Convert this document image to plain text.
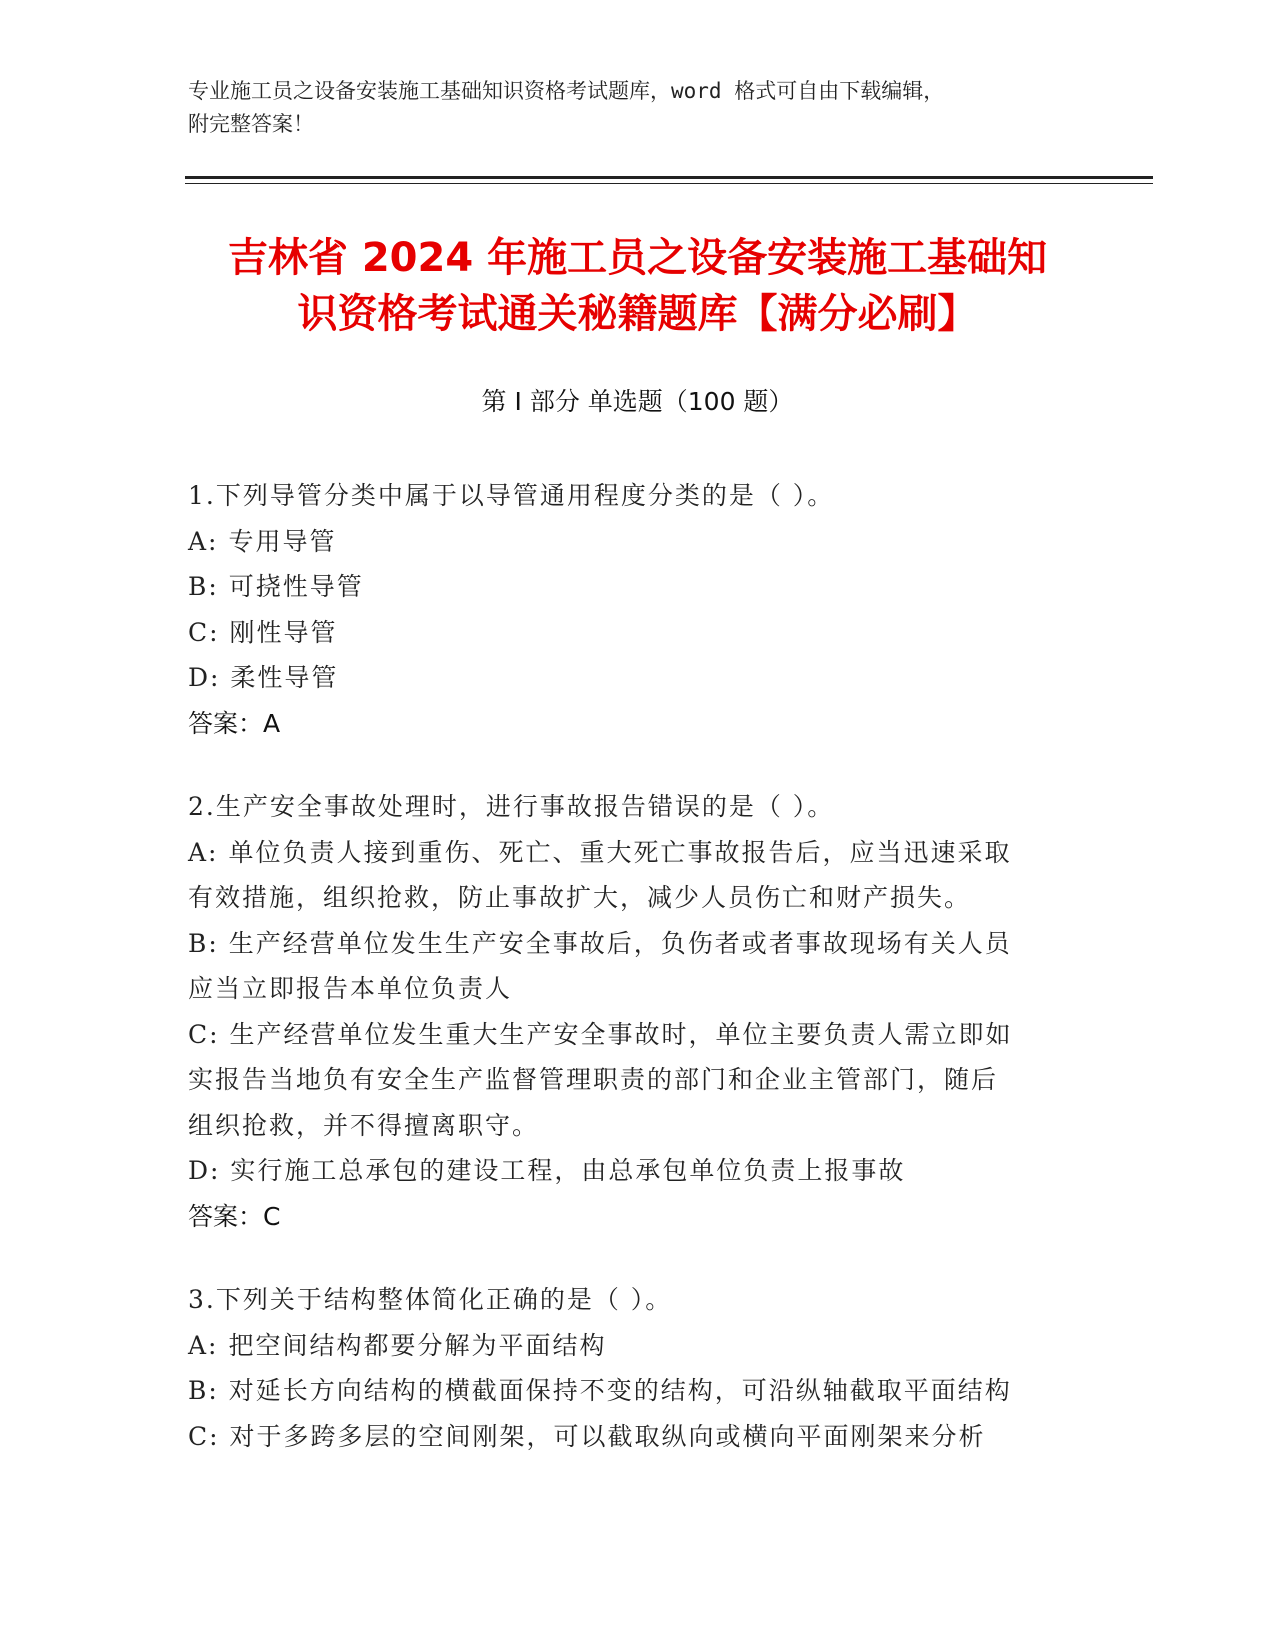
专业施工员之设备安装施工基础知识资格考试题库，word 格式可自由下载编辑，
附完整答案！
吉林省 2024 年施工员之设备安装施工基础知
识资格考试通关秘籍题库【满分必刷】
第 I 部分 单选题（100 题）
1.下列导管分类中属于以导管通用程度分类的是（ ）。
A: 专用导管
B: 可挠性导管
C: 刚性导管
D: 柔性导管
答案：A
2.生产安全事故处理时，进行事故报告错误的是（ ）。
A: 单位负责人接到重伤、死亡、重大死亡事故报告后，应当迅速采取
有效措施，组织抢救，防止事故扩大，减少人员伤亡和财产损失。
B: 生产经营单位发生生产安全事故后，负伤者或者事故现场有关人员
应当立即报告本单位负责人
C: 生产经营单位发生重大生产安全事故时，单位主要负责人需立即如
实报告当地负有安全生产监督管理职责的部门和企业主管部门，随后
组织抢救，并不得擅离职守。
D: 实行施工总承包的建设工程，由总承包单位负责上报事故
答案：C
3.下列关于结构整体简化正确的是（ ）。
A: 把空间结构都要分解为平面结构
B: 对延长方向结构的横截面保持不变的结构，可沿纵轴截取平面结构
C: 对于多跨多层的空间刚架，可以截取纵向或横向平面刚架来分析
